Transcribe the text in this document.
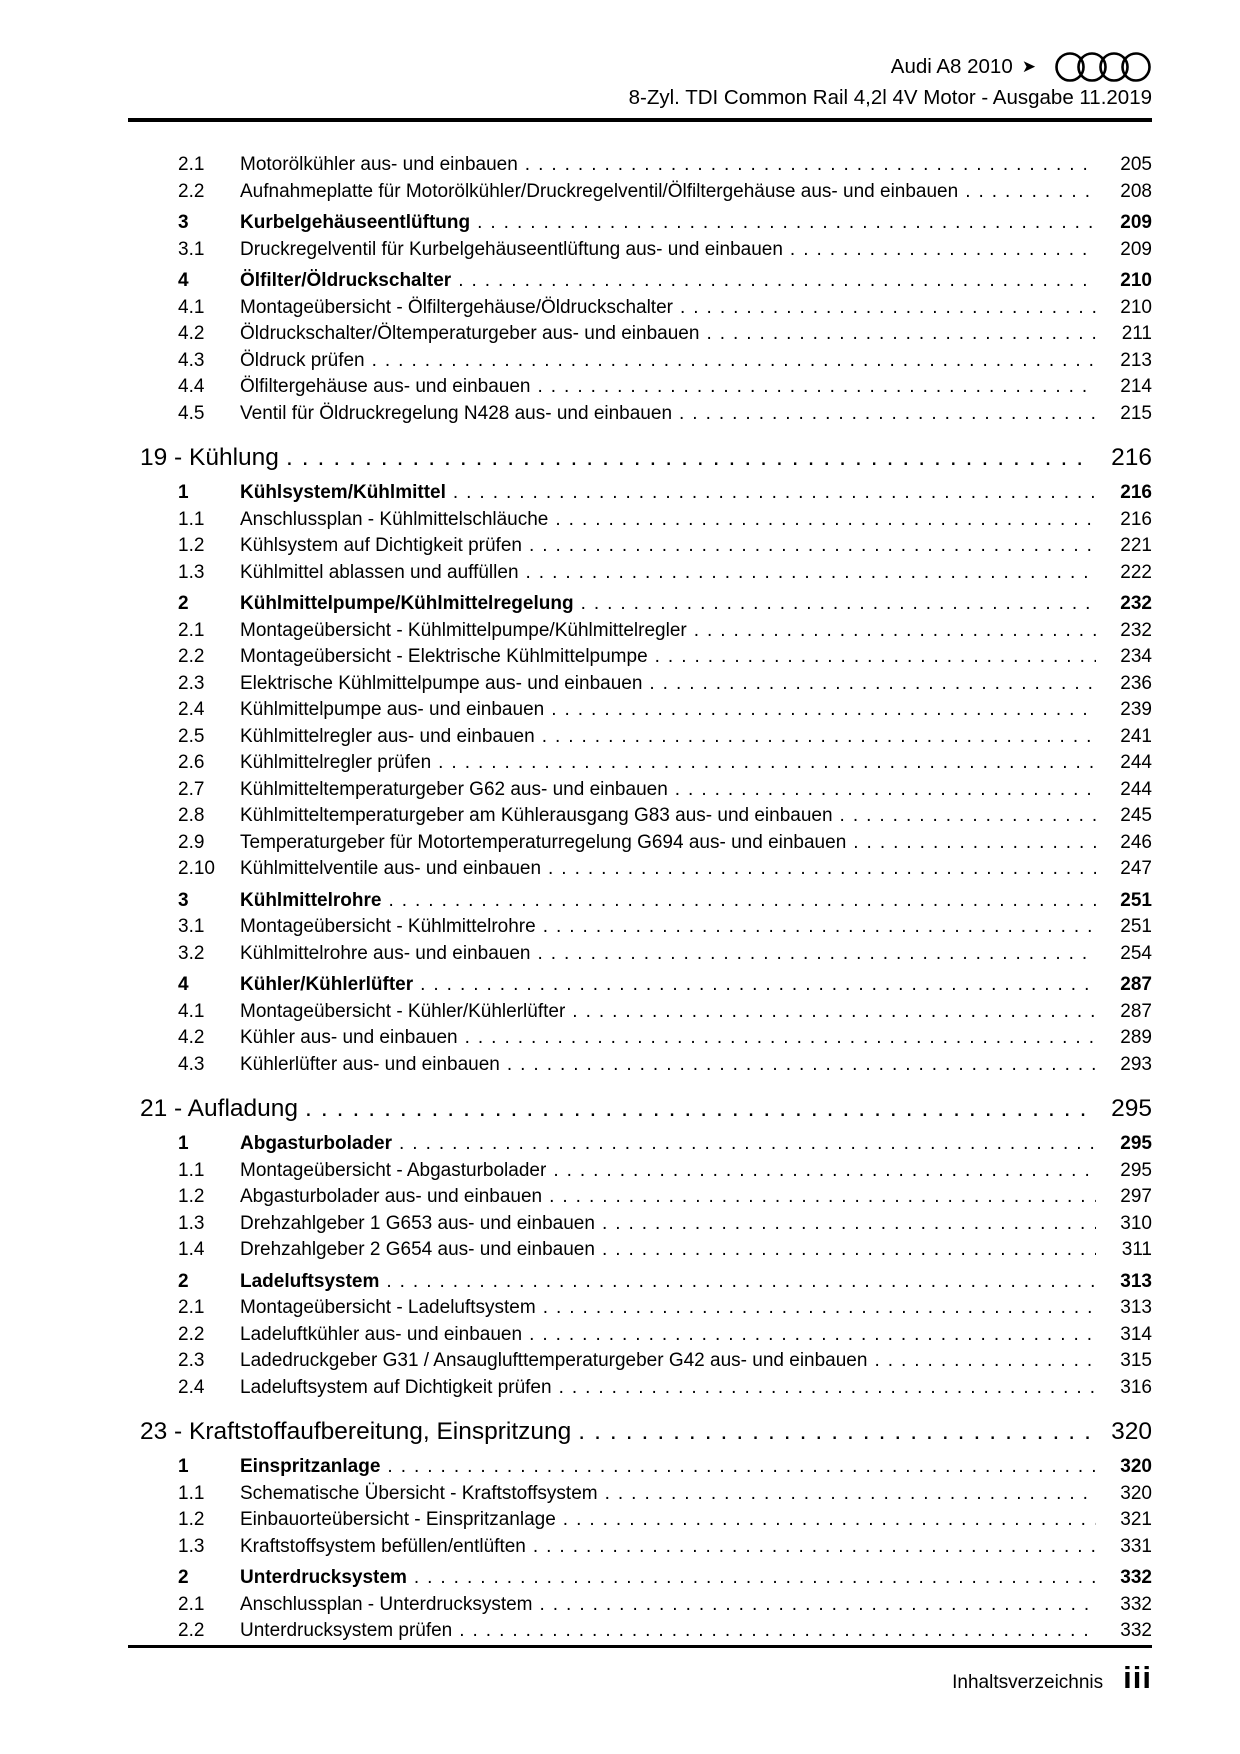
Audi A8 2010 ➤
8-Zyl. TDI Common Rail 4,2l 4V Motor - Ausgabe 11.2019
2.1	Motorölkühler aus- und einbauen .....	205
2.2	Aufnahmeplatte für Motorölkühler/Druckregelventil/Ölfiltergehäuse aus- und einbauen .....	208
3	Kurbelgehäuseentlüftung .....	209
3.1	Druckregelventil für Kurbelgehäuseentlüftung aus- und einbauen .....	209
4	Ölfilter/Öldruckschalter .....	210
4.1	Montageübersicht - Ölfiltergehäuse/Öldruckschalter .....	210
4.2	Öldruckschalter/Öltemperaturgeber aus- und einbauen .....	211
4.3	Öldruck prüfen .....	213
4.4	Ölfiltergehäuse aus- und einbauen .....	214
4.5	Ventil für Öldruckregelung N428 aus- und einbauen .....	215
19 - Kühlung .....	216
1	Kühlsystem/Kühlmittel .....	216
1.1	Anschlussplan - Kühlmittelschläuche .....	216
1.2	Kühlsystem auf Dichtigkeit prüfen .....	221
1.3	Kühlmittel ablassen und auffüllen .....	222
2	Kühlmittelpumpe/Kühlmittelregelung .....	232
2.1	Montageübersicht - Kühlmittelpumpe/Kühlmittelregler .....	232
2.2	Montageübersicht - Elektrische Kühlmittelpumpe .....	234
2.3	Elektrische Kühlmittelpumpe aus- und einbauen .....	236
2.4	Kühlmittelpumpe aus- und einbauen .....	239
2.5	Kühlmittelregler aus- und einbauen .....	241
2.6	Kühlmittelregler prüfen .....	244
2.7	Kühlmitteltemperaturgeber G62 aus- und einbauen .....	244
2.8	Kühlmitteltemperaturgeber am Kühlerausgang G83 aus- und einbauen .....	245
2.9	Temperaturgeber für Motortemperaturregelung G694 aus- und einbauen .....	246
2.10	Kühlmittelventile aus- und einbauen .....	247
3	Kühlmittelrohre .....	251
3.1	Montageübersicht - Kühlmittelrohre .....	251
3.2	Kühlmittelrohre aus- und einbauen .....	254
4	Kühler/Kühlerlüfter .....	287
4.1	Montageübersicht - Kühler/Kühlerlüfter .....	287
4.2	Kühler aus- und einbauen .....	289
4.3	Kühlerlüfter aus- und einbauen .....	293
21 - Aufladung .....	295
1	Abgasturbolader .....	295
1.1	Montageübersicht - Abgasturbolader .....	295
1.2	Abgasturbolader aus- und einbauen .....	297
1.3	Drehzahlgeber 1 G653 aus- und einbauen .....	310
1.4	Drehzahlgeber 2 G654 aus- und einbauen .....	311
2	Ladeluftsystem .....	313
2.1	Montageübersicht - Ladeluftsystem .....	313
2.2	Ladeluftkühler aus- und einbauen .....	314
2.3	Ladedruckgeber G31 / Ansauglufttemperaturgeber G42 aus- und einbauen .....	315
2.4	Ladeluftsystem auf Dichtigkeit prüfen .....	316
23 - Kraftstoffaufbereitung, Einspritzung .....	320
1	Einspritzanlage .....	320
1.1	Schematische Übersicht - Kraftstoffsystem .....	320
1.2	Einbauorteübersicht - Einspritzanlage .....	321
1.3	Kraftstoffsystem befüllen/entlüften .....	331
2	Unterdrucksystem .....	332
2.1	Anschlussplan - Unterdrucksystem .....	332
2.2	Unterdrucksystem prüfen .....	332
Inhaltsverzeichnis iii
